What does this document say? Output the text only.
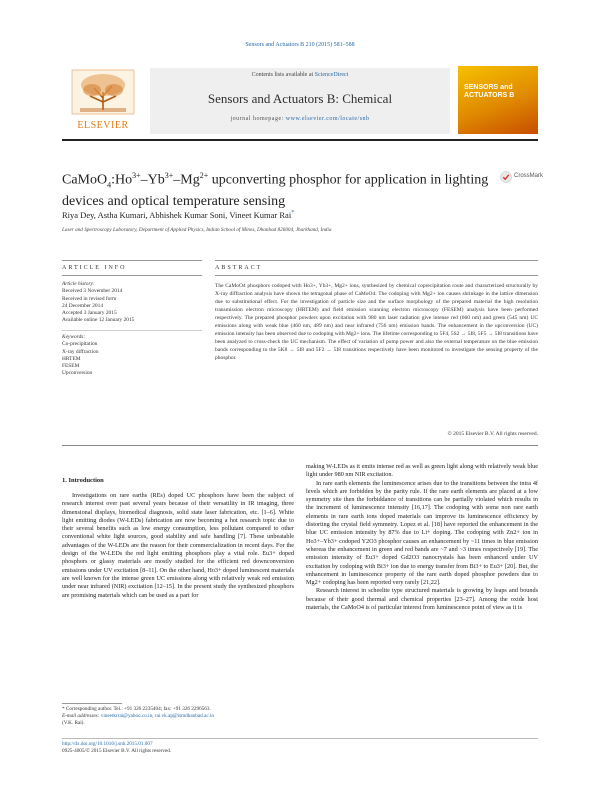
Sensors and Actuators B 210 (2015) 581–588
ELSEVIER
Contents lists available at ScienceDirect
Sensors and Actuators B: Chemical
journal homepage: www.elsevier.com/locate/snb
SENSORS and ACTUATORS B
$CaMoO_4:Ho^{3+}-Yb^{3+}-Mg^{2+}$ upconverting phosphor for application in lighting devices and optical temperature sensing
CrossMark
Riya Dey, Astha Kumari, Abhishek Kumar Soni, Vineet Kumar Rai*
Laser and Spectroscopy Laboratory, Department of Applied Physics, Indian School of Mines, Dhanbad 826004, Jharkhand, India
ARTICLE INFO	ABSTRACT
Article history:
Received 3 November 2014
Received in revised form
24 December 2014
Accepted 3 January 2015
Available online 12 January 2015
Keywords:
Co-precipitation
X-ray diffraction
HRTEM
FESEM
Upconversion
The CaMoO4 phosphors codoped with Ho3+, Yb3+, Mg2+ ions, synthesized by chemical coprecipitation route and characterized structurally by X-ray diffraction analysis have shown the tetragonal phase of CaMoO4. The codoping with Mg2+ ion causes shrinkage in the lattice dimension due to substitutional effect. For the investigation of particle size and the surface morphology of the prepared material the high resolution transmission electron microscopy (HRTEM) and field emission scanning electron microscopy (FESEM) analysis have been performed respectively. The prepared phosphor powders upon excitation with 980 nm laser radiation give intense red (660 nm) and green (545 nm) UC emissions along with weak blue (460 nm, 489 nm) and near infrared (756 nm) emission bands. The enhancement in the upconversion (UC) emission intensity has been observed due to codoping with Mg2+ ions. The lifetime corresponding to 5F4, 5S2 → 5I8, 5F5 → 5I8 transitions have been analyzed to cross-check the UC mechanism. The effect of variation of pump power and also the external temperature on the blue emission bands corresponding to the 5K8 → 5I8 and 5F2 → 5I8 transitions respectively have been monitored to investigate the sensing property of the phosphor.
© 2015 Elsevier B.V. All rights reserved.
1. Introduction

Investigations on rare earths (REs) doped UC phosphors have been the subject of research interest over past several years because of their versatility in IR imaging, three dimensional displays, biomedical diagnosis, solid state laser fabrication, etc. [1–6]. White light emitting diodes (W-LEDs) fabrication are now becoming a hot research topic due to their several benefits such as low energy consumption, less pollutant compared to other conventional white light sources, good stability and safe handling [7]. These unbeatable advantages of the W-LEDs are the reason for their commercialization in recent days. For the design of the W-LEDs the red light emitting phosphors play a vital role. Eu3+ doped phosphors or glassy materials are mostly studied for the efficient red downconversion emissions under UV excitation [8–11]. On the other hand, Ho3+ doped luminescent materials are well known for the intense green UC emissions along with relatively weak red emission under near infrared (NIR) excitation [12–15]. In the present study the synthesized phosphors are promising materials which can be used as a part for

making W-LEDs as it emits intense red as well as green light along with relatively weak blue light under 980 nm NIR excitation.

In rare earth elements the luminescence arises due to the transitions between the intra 4f levels which are forbidden by the parity rule. If the rare earth elements are placed at a low symmetry site then the forbiddance of transitions can be partially violated which results in the increment of luminescence intensity [16,17]. The codoping with some non rare earth elements in rare earth ions doped materials can improve its luminescence efficiency by distorting the crystal field symmetry. Lopez et al. [18] have reported the enhancement in the blue UC emission intensity by 87% due to Li+ doping. The codoping with Zn2+ ion in Ho3+–Yb3+ codoped Y2O3 phosphor causes an enhancement by ~11 times in blue emission whereas the enhancement in green and red bands are ~7 and ~3 times respectively [19]. The emission intensity of Eu3+ doped Gd2O3 nanocrystals has been enhanced under UV excitation by codoping with Bi3+ ion due to energy transfer from Bi3+ to Eu3+ [20]. But, the enhancement in luminescence property of the rare earth doped phosphor powders due to Mg2+ codoping has been reported very rarely [21,22].

Research interest in scheelite type structured materials is growing by leaps and bounds because of their good thermal and chemical properties [23–27]. Among the oxide host materials, the CaMoO4 is of particular interest from luminescence point of view as it is

* Corresponding author. Tel.: +91 326 2235404; fax: +91 326 2296563.
E-mail addresses: vineetkrrai@yahoo.co.in, rai.vk.ap@ismdhanbad.ac.in
(V.K. Rai).
http://dx.doi.org/10.1016/j.snb.2015.01.007
0925-4005/© 2015 Elsevier B.V. All rights reserved.
